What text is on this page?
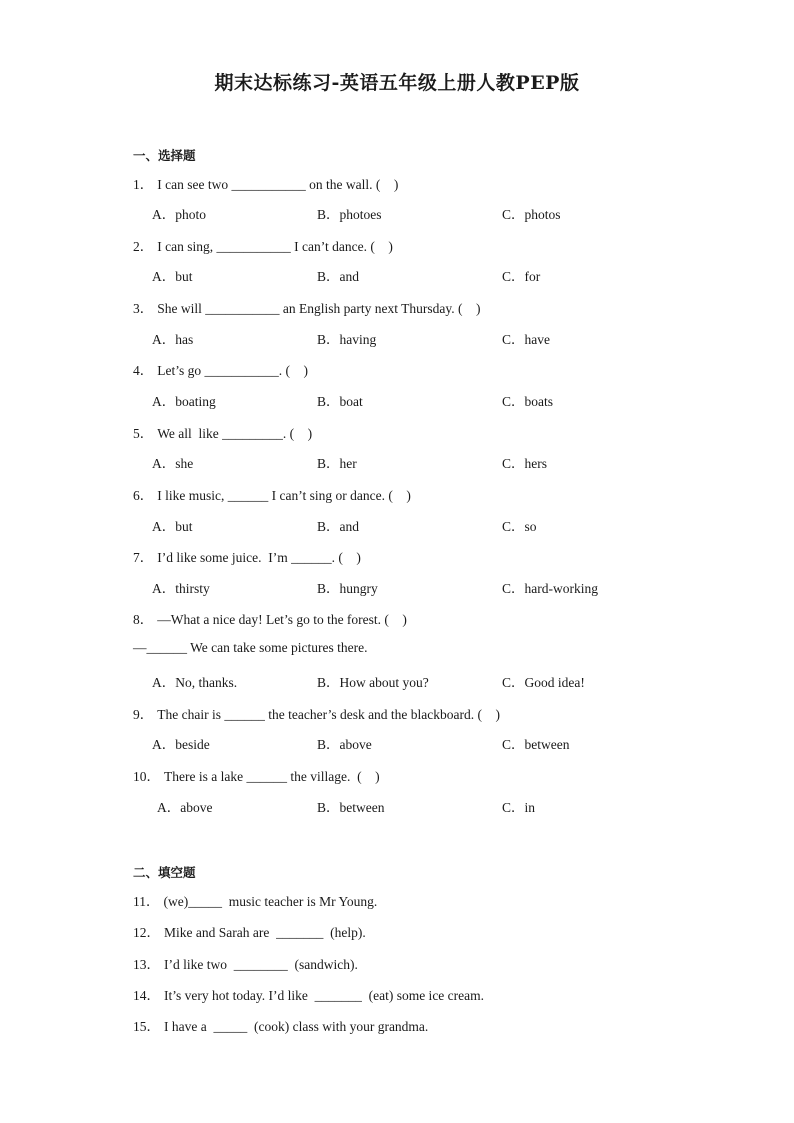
期末达标练习-英语五年级上册人教PEP版
一、选择题
1． I can see two ___________ on the wall. (    )
A．photo	B．photoes	C．photos
2． I can sing, ___________ I can’t dance. (    )
A．but	B．and	C．for
3． She will ___________ an English party next Thursday. (    )
A．has	B．having	C．have
4． Let’s go ___________. (    )
A．boating	B．boat	C．boats
5． We all  like _________. (    )
A．she	B．her	C．hers
6． I like music, ______ I can’t sing or dance. (    )
A．but	B．and	C．so
7． I’d like some juice.  I’m ______. (    )
A．thirsty	B．hungry	C．hard-working
8． —What a nice day! Let’s go to the forest. (    )
—______ We can take some pictures there.
A．No, thanks.	B．How about you?	C．Good idea!
9． The chair is ______ the teacher’s desk and the blackboard. (    )
A．beside	B．above	C．between
10． There is a lake ______ the village.  (    )
A．above	B．between	C．in
二、填空题
11． (we)_____  music teacher is Mr Young.
12． Mike and Sarah are  _______  (help).
13． I’d like two  ________  (sandwich).
14． It’s very hot today. I’d like  _______  (eat) some ice cream.
15． I have a  _____  (cook) class with your grandma.
